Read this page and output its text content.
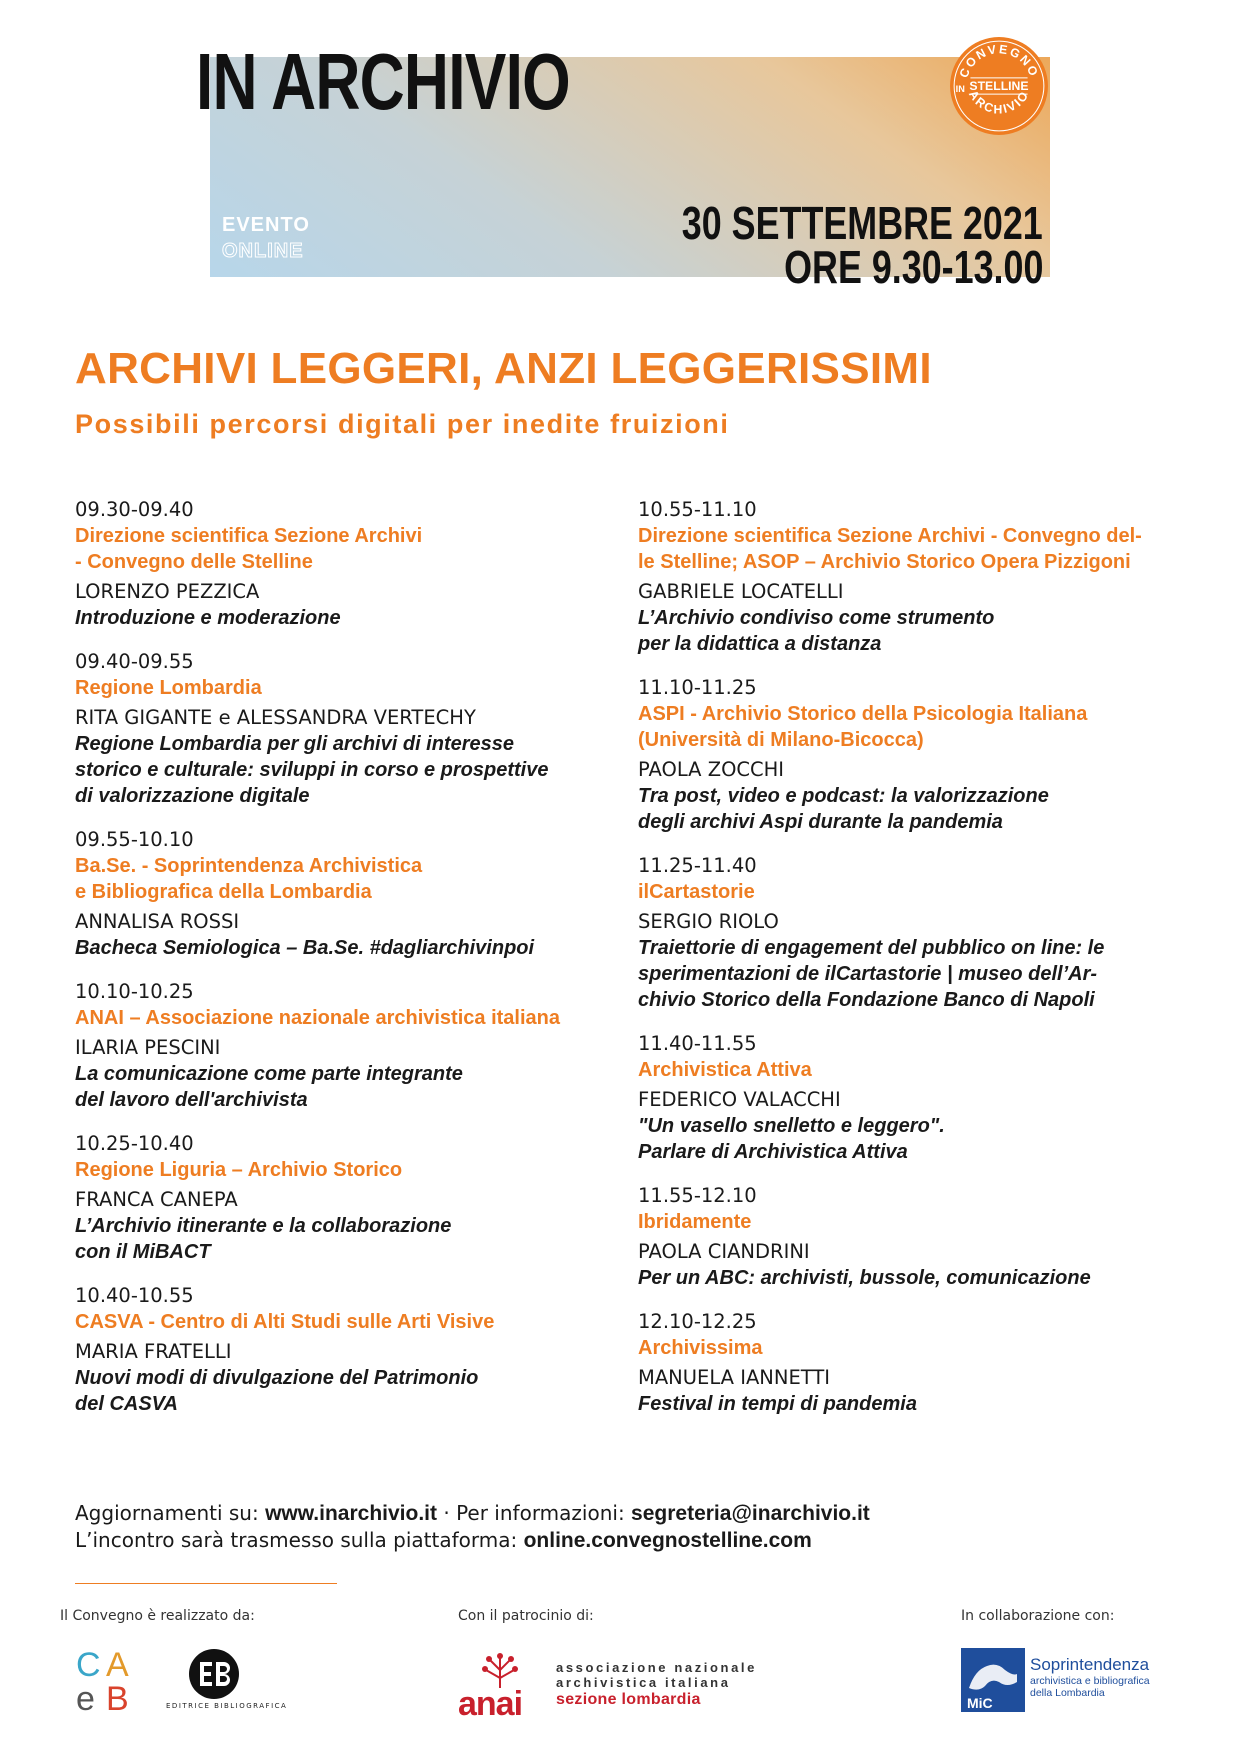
IN ARCHIVIO	CONVEGNO
ARCHIVIO
STELLINE
IN
EVENTO
ONLINE
30 SETTEMBRE 2021
ORE 9.30-13.00
ARCHIVI LEGGERI, ANZI LEGGERISSIMI
Possibili percorsi digitali per inedite fruizioni
09.30-09.40
Direzione scientifica Sezione Archivi
- Convegno delle Stelline
LORENZO PEZZICA
Introduzione e moderazione
09.40-09.55
Regione Lombardia
RITA GIGANTE e ALESSANDRA VERTECHY
Regione Lombardia per gli archivi di interesse
storico e culturale: sviluppi in corso e prospettive
di valorizzazione digitale
09.55-10.10
Ba.Se. - Soprintendenza Archivistica
e Bibliografica della Lombardia
ANNALISA ROSSI
Bacheca Semiologica – Ba.Se. #dagliarchivinpoi
10.10-10.25
ANAI – Associazione nazionale archivistica italiana
ILARIA PESCINI
La comunicazione come parte integrante
del lavoro dell'archivista
10.25-10.40
Regione Liguria – Archivio Storico
FRANCA CANEPA
L’Archivio itinerante e la collaborazione
con il MiBACT
10.40-10.55
CASVA - Centro di Alti Studi sulle Arti Visive
MARIA FRATELLI
Nuovi modi di divulgazione del Patrimonio
del CASVA
10.55-11.10
Direzione scientifica Sezione Archivi - Convegno del-
le Stelline; ASOP – Archivio Storico Opera Pizzigoni
GABRIELE LOCATELLI
L’Archivio condiviso come strumento
per la didattica a distanza
11.10-11.25
ASPI - Archivio Storico della Psicologia Italiana
(Università di Milano-Bicocca)
PAOLA ZOCCHI
Tra post, video e podcast: la valorizzazione
degli archivi Aspi durante la pandemia
11.25-11.40
ilCartastorie
SERGIO RIOLO
Traiettorie di engagement del pubblico on line: le
sperimentazioni de ilCartastorie | museo dell’Ar-
chivio Storico della Fondazione Banco di Napoli
11.40-11.55
Archivistica Attiva
FEDERICO VALACCHI
"Un vasello snelletto e leggero".
Parlare di Archivistica Attiva
11.55-12.10
Ibridamente
PAOLA CIANDRINI
Per un ABC: archivisti, bussole, comunicazione
12.10-12.25
Archivissima
MANUELA IANNETTI
Festival in tempi di pandemia
Aggiornamenti su: www.inarchivio.it · Per informazioni: segreteria@inarchivio.it
L’incontro sarà trasmesso sulla piattaforma: online.convegnostelline.com
Il Convegno è realizzato da:	Con il patrocinio di:	In collaborazione con:
C A
e B	EDITRICE BIBLIOGRAFICA	anai
associazione nazionale
archivistica italiana
sezione lombardia	MiC
Soprintendenza
archivistica e bibliografica
della Lombardia
